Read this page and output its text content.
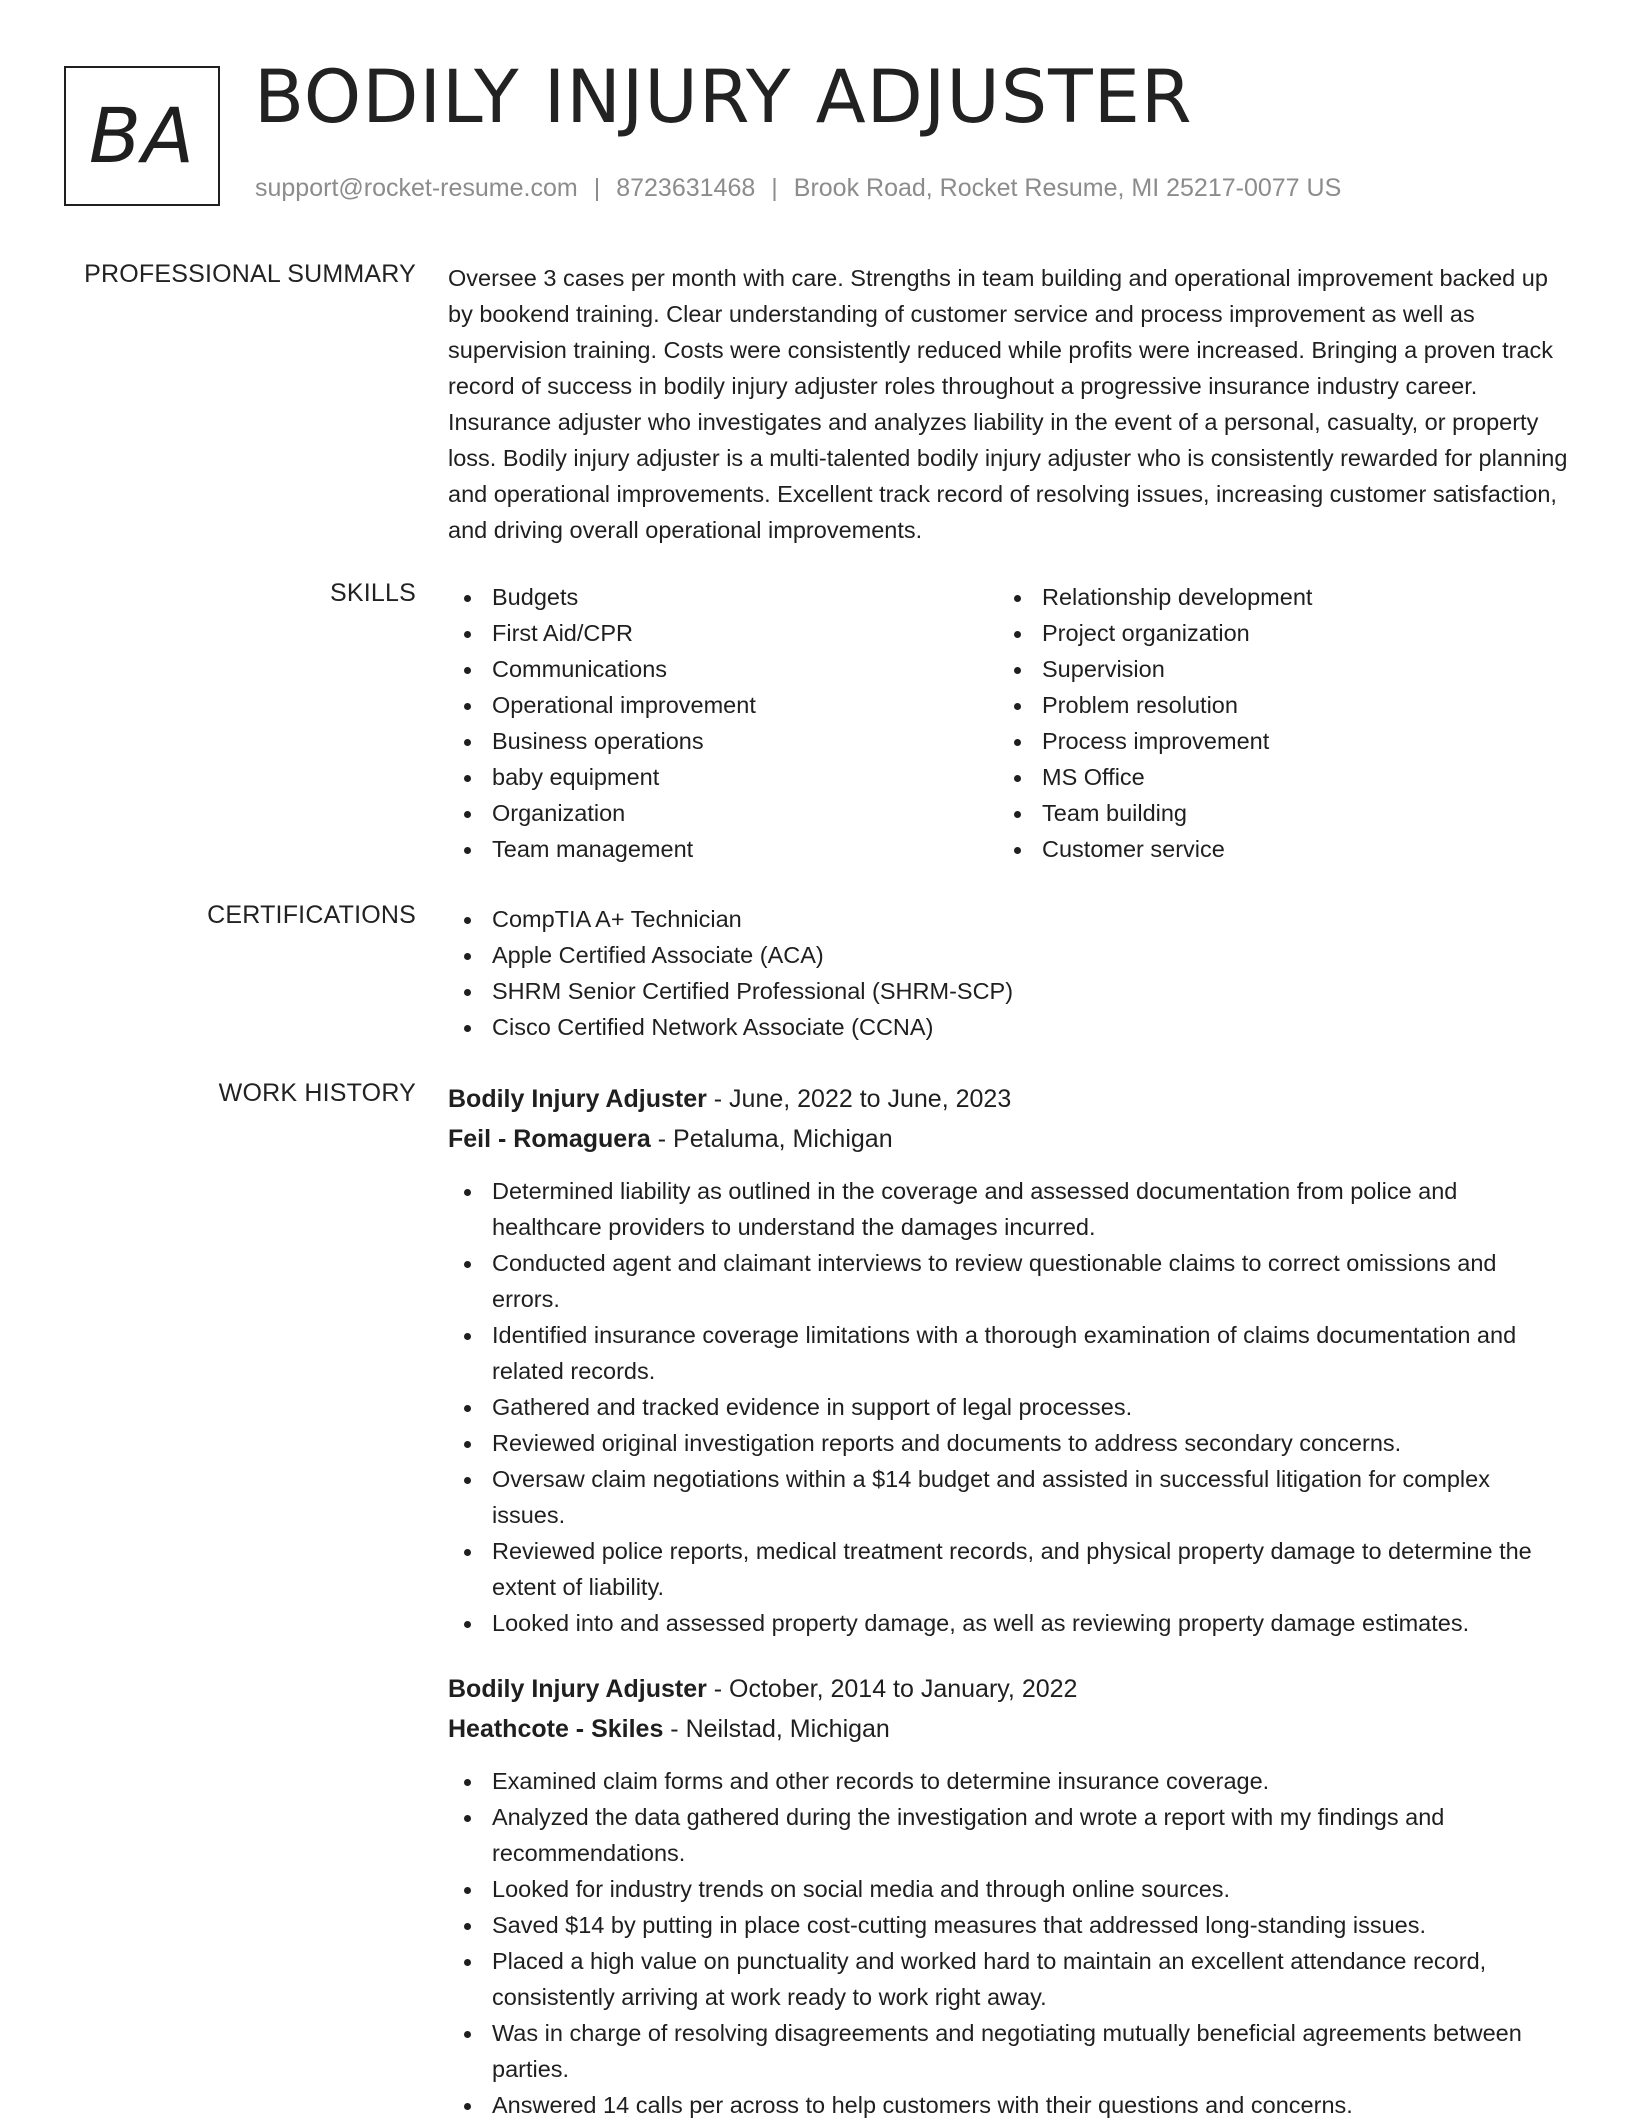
BA BODILY INJURY ADJUSTER
support@rocket-resume.com | 8723631468 | Brook Road, Rocket Resume, MI 25217-0077 US
PROFESSIONAL SUMMARY Oversee 3 cases per month with care. Strengths in team building and operational improvement backed up by bookend training. Clear understanding of customer service and process improvement as well as supervision training. Costs were consistently reduced while profits were increased. Bringing a proven track record of success in bodily injury adjuster roles throughout a progressive insurance industry career. Insurance adjuster who investigates and analyzes liability in the event of a personal, casualty, or property loss. Bodily injury adjuster is a multi-talented bodily injury adjuster who is consistently rewarded for planning and operational improvements. Excellent track record of resolving issues, increasing customer satisfaction, and driving overall operational improvements.

SKILLS	Budgets
First Aid/CPR
Communications
Operational improvement
Business operations
baby equipment
Organization
Team management
Relationship development
Project organization
Supervision
Problem resolution
Process improvement
MS Office
Team building
Customer service
CERTIFICATIONS	CompTIA A+ Technician
Apple Certified Associate (ACA)
SHRM Senior Certified Professional (SHRM-SCP)
Cisco Certified Network Associate (CCNA)
WORK HISTORY Bodily Injury Adjuster - June, 2022 to June, 2023
Feil - Romaguera - Petaluma, Michigan
Determined liability as outlined in the coverage and assessed documentation from police and healthcare providers to understand the damages incurred.
Conducted agent and claimant interviews to review questionable claims to correct omissions and errors.
Identified insurance coverage limitations with a thorough examination of claims documentation and related records.
Gathered and tracked evidence in support of legal processes.
Reviewed original investigation reports and documents to address secondary concerns.
Oversaw claim negotiations within a $14 budget and assisted in successful litigation for complex issues.
Reviewed police reports, medical treatment records, and physical property damage to determine the extent of liability.
Looked into and assessed property damage, as well as reviewing property damage estimates.
Bodily Injury Adjuster - October, 2014 to January, 2022
Heathcote - Skiles - Neilstad, Michigan
Examined claim forms and other records to determine insurance coverage.
Analyzed the data gathered during the investigation and wrote a report with my findings and recommendations.
Looked for industry trends on social media and through online sources.
Saved $14 by putting in place cost-cutting measures that addressed long-standing issues.
Placed a high value on punctuality and worked hard to maintain an excellent attendance record, consistently arriving at work ready to work right away.
Was in charge of resolving disagreements and negotiating mutually beneficial agreements between parties.
Answered 14 calls per across to help customers with their questions and concerns.
